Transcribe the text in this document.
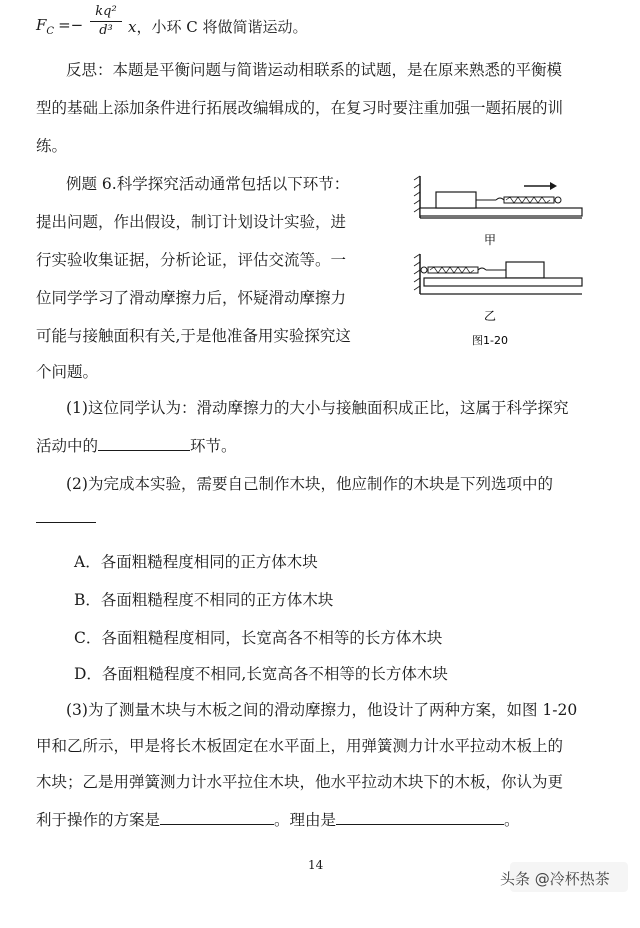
$F_C$ =−
kq²
d³	x，小环 C 将做简谐运动。
反思：本题是平衡问题与简谐运动相联系的试题，是在原来熟悉的平衡模
型的基础上添加条件进行拓展改编辑成的，在复习时要注重加强一题拓展的训
练。
例题 6.科学探究活动通常包括以下环节：
提出问题，作出假设，制订计划设计实验，进
行实验收集证据，分析论证，评估交流等。一
位同学学习了滑动摩擦力后，怀疑滑动摩擦力
可能与接触面积有关,于是他准备用实验探究这
个问题。
甲
乙
图1-20
(1)这位同学认为：滑动摩擦力的大小与接触面积成正比，这属于科学探究
活动中的	环节。
(2)为完成本实验，需要自己制作木块，他应制作的木块是下列选项中的
A．各面粗糙程度相同的正方体木块
B．各面粗糙程度不相同的正方体木块
C．各面粗糙程度相同，长宽高各不相等的长方体木块
D．各面粗糙程度不相同,长宽高各不相等的长方体木块
(3)为了测量木块与木板之间的滑动摩擦力，他设计了两种方案，如图 1-20
甲和乙所示，甲是将长木板固定在水平面上，用弹簧测力计水平拉动木板上的
木块；乙是用弹簧测力计水平拉住木块，他水平拉动木块下的木板，你认为更
利于操作的方案是	。理由是	。
14
头条 @冷杯热茶
